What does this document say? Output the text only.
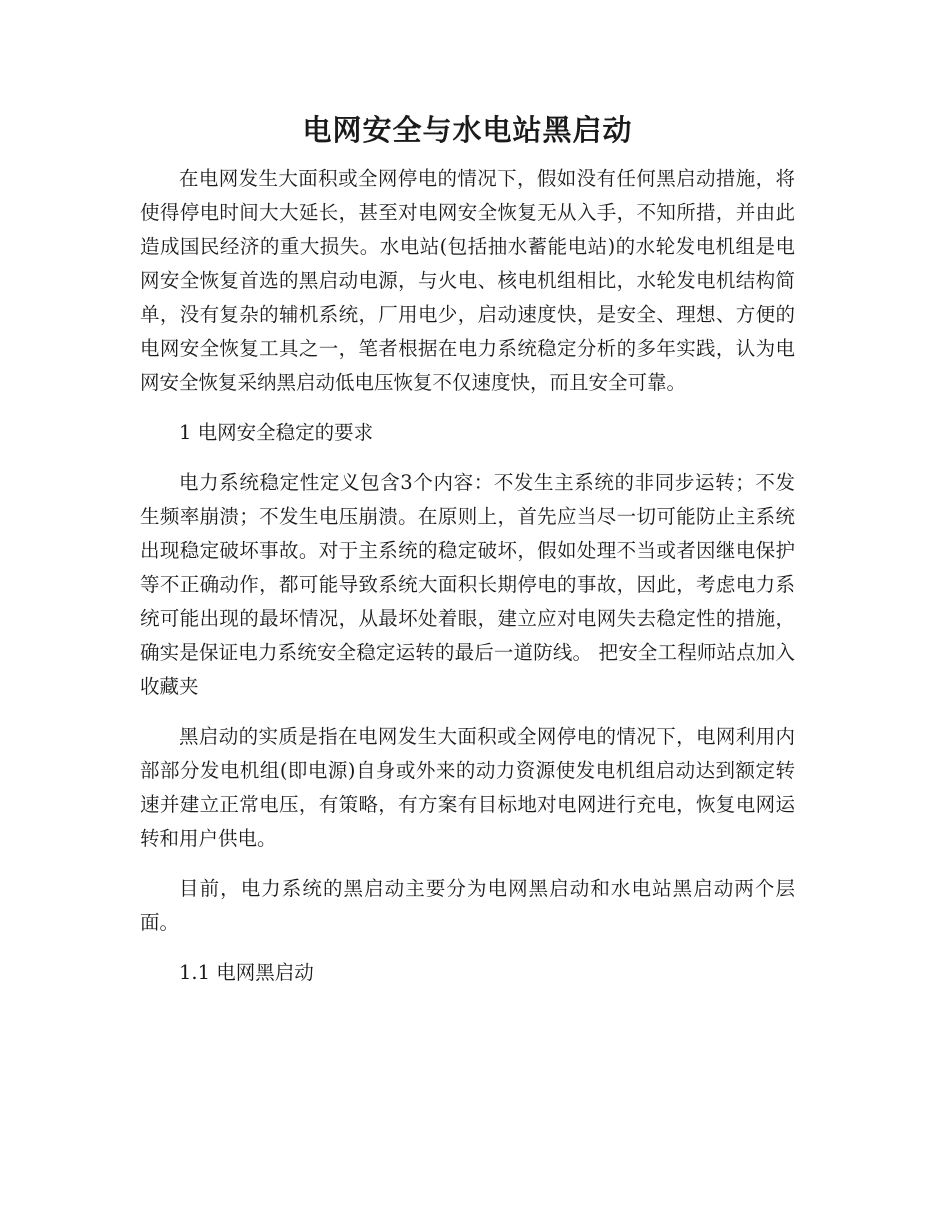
电网安全与水电站黑启动

在电网发生大面积或全网停电的情况下，假如没有任何黑启动措施，将使得停电时间大大延长，甚至对电网安全恢复无从入手，不知所措，并由此造成国民经济的重大损失。水电站(包括抽水蓄能电站)的水轮发电机组是电网安全恢复首选的黑启动电源，与火电、核电机组相比，水轮发电机结构简单，没有复杂的辅机系统，厂用电少，启动速度快，是安全、理想、方便的电网安全恢复工具之一，笔者根据在电力系统稳定分析的多年实践，认为电网安全恢复采纳黑启动低电压恢复不仅速度快，而且安全可靠。

1 电网安全稳定的要求

电力系统稳定性定义包含3个内容：不发生主系统的非同步运转；不发生频率崩溃；不发生电压崩溃。在原则上，首先应当尽一切可能防止主系统出现稳定破坏事故。对于主系统的稳定破坏，假如处理不当或者因继电保护等不正确动作，都可能导致系统大面积长期停电的事故，因此，考虑电力系统可能出现的最坏情况，从最坏处着眼，建立应对电网失去稳定性的措施，确实是保证电力系统安全稳定运转的最后一道防线。 把安全工程师站点加入收藏夹

黑启动的实质是指在电网发生大面积或全网停电的情况下，电网利用内部部分发电机组(即电源)自身或外来的动力资源使发电机组启动达到额定转速并建立正常电压，有策略，有方案有目标地对电网进行充电，恢复电网运转和用户供电。

目前，电力系统的黑启动主要分为电网黑启动和水电站黑启动两个层面。

1.1 电网黑启动
